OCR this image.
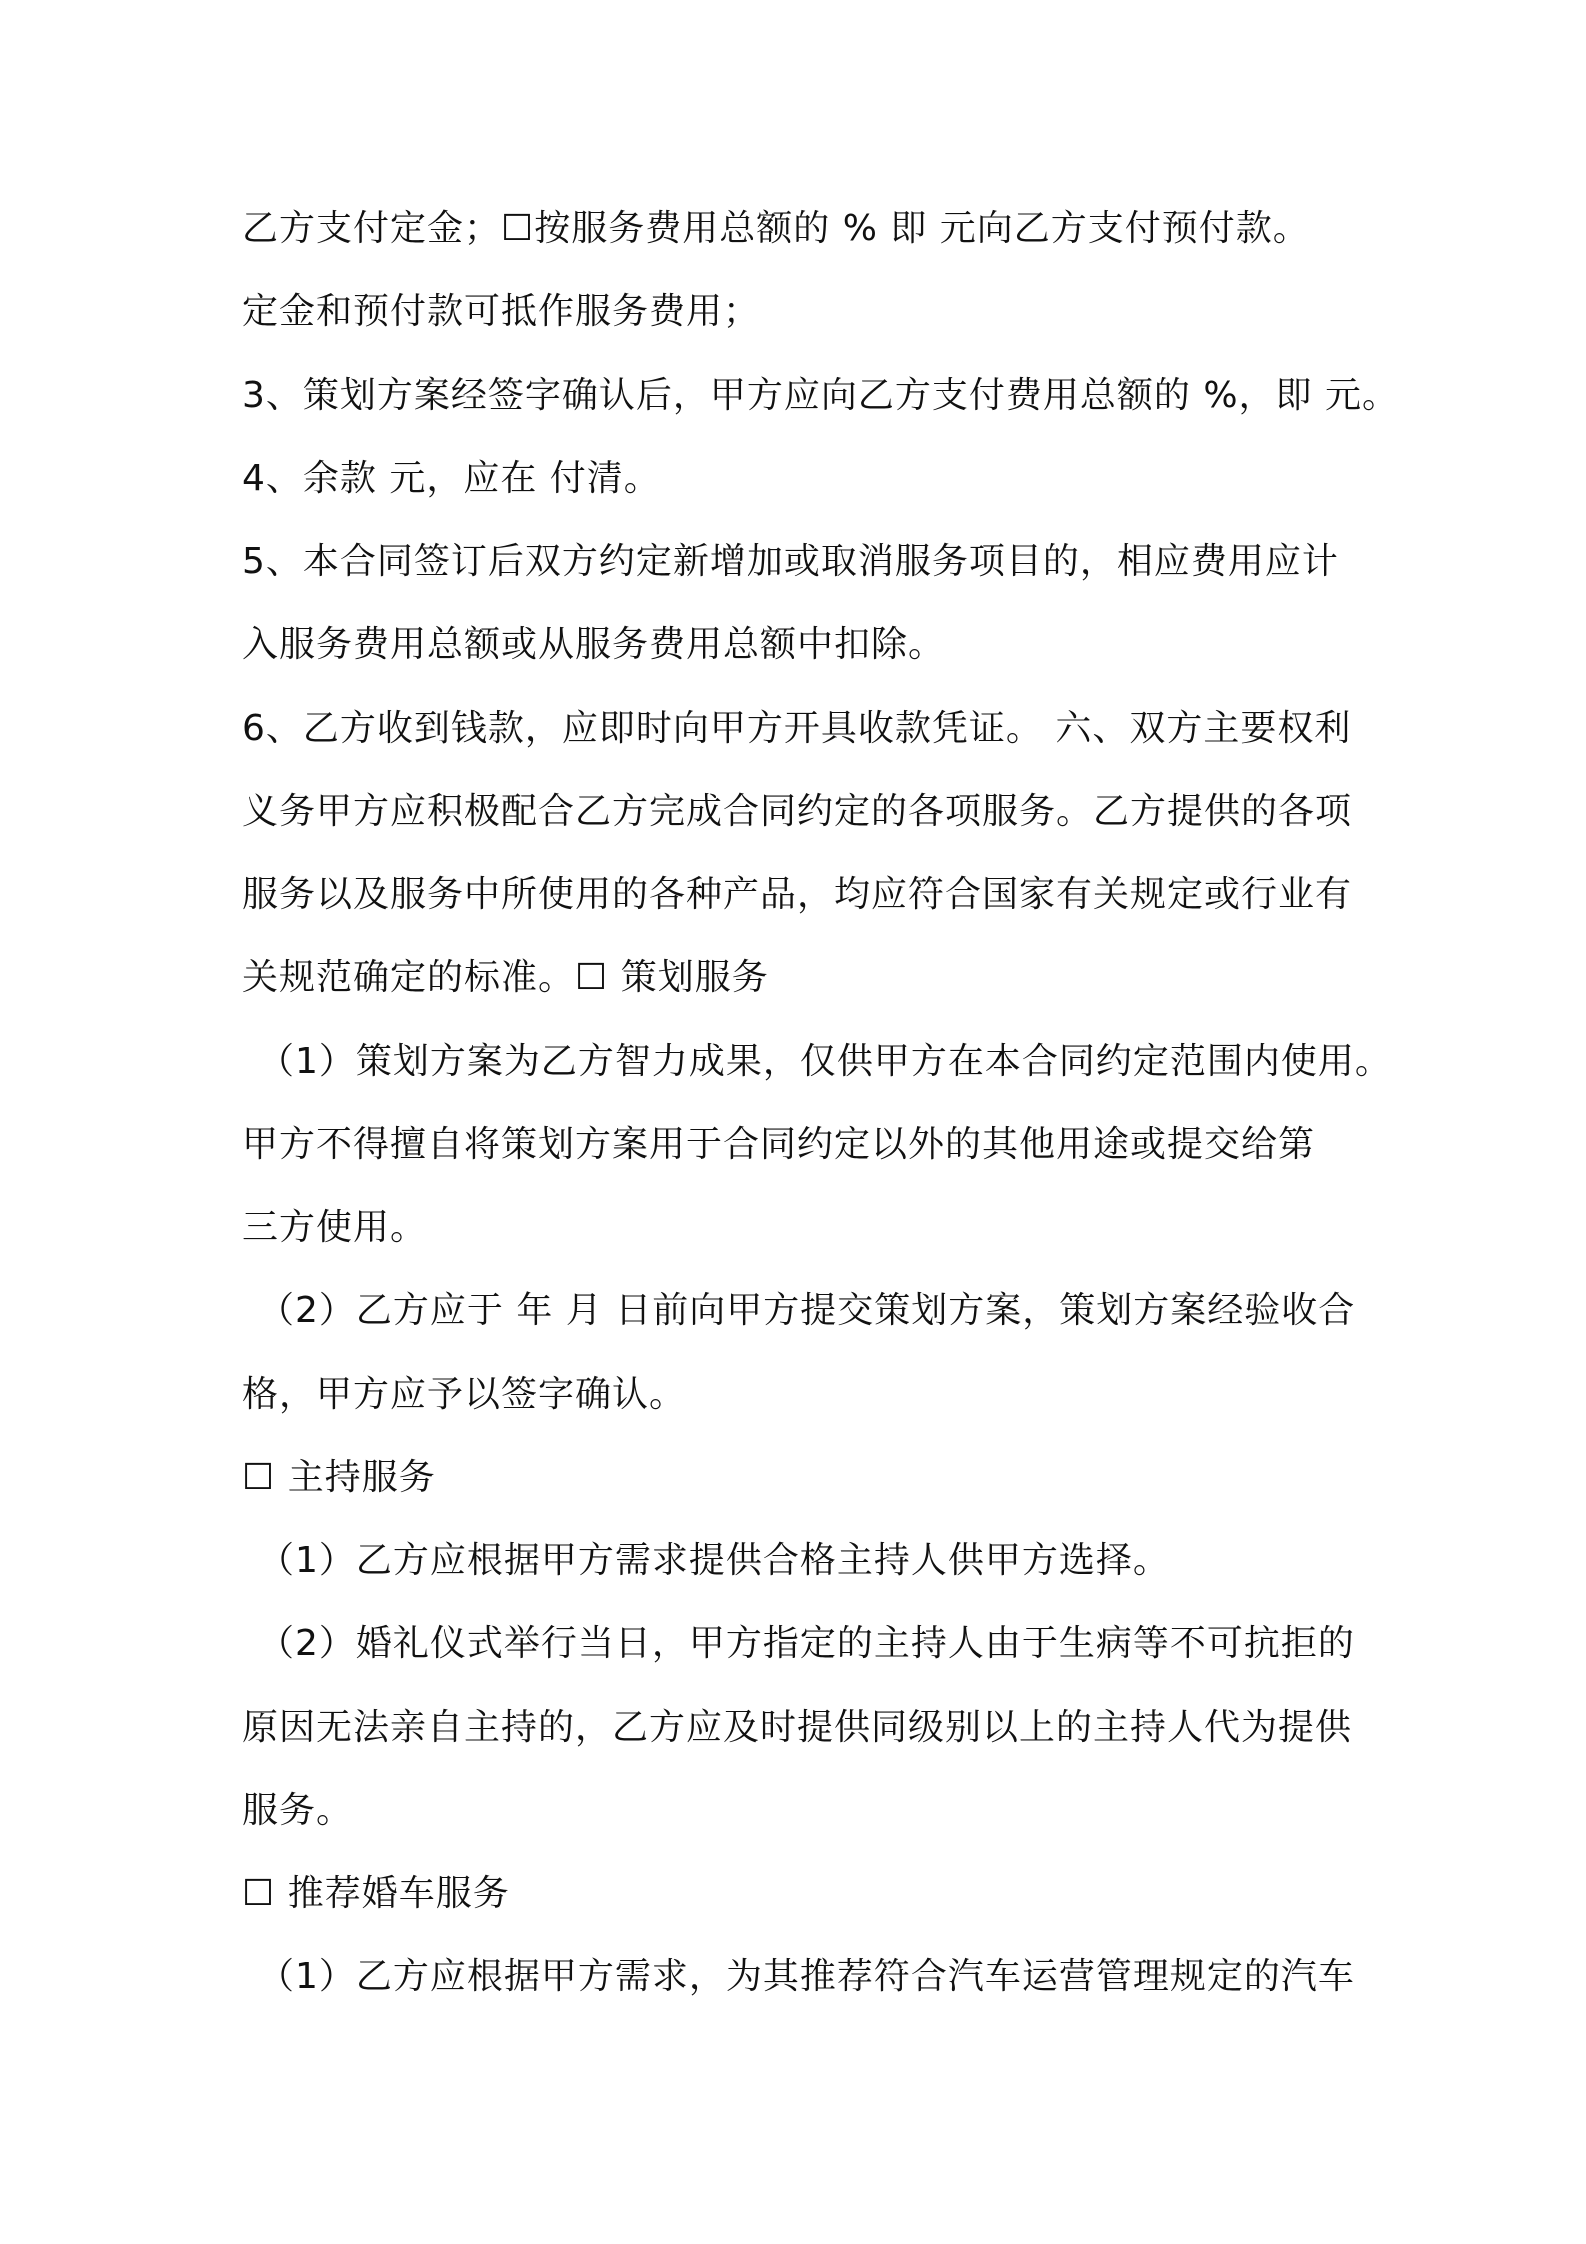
乙方支付定金；☐按服务费用总额的 % 即 元向乙方支付预付款。
定金和预付款可抵作服务费用；
3、策划方案经签字确认后，甲方应向乙方支付费用总额的 %，即 元。
4、余款 元，应在 付清。
5、本合同签订后双方约定新增加或取消服务项目的，相应费用应计
入服务费用总额或从服务费用总额中扣除。
6、乙方收到钱款，应即时向甲方开具收款凭证。 六、双方主要权利
义务甲方应积极配合乙方完成合同约定的各项服务。乙方提供的各项
服务以及服务中所使用的各种产品，均应符合国家有关规定或行业有
关规范确定的标准。☐ 策划服务
（1）策划方案为乙方智力成果，仅供甲方在本合同约定范围内使用。
甲方不得擅自将策划方案用于合同约定以外的其他用途或提交给第
三方使用。
（2）乙方应于 年 月 日前向甲方提交策划方案，策划方案经验收合
格，甲方应予以签字确认。
☐ 主持服务
（1）乙方应根据甲方需求提供合格主持人供甲方选择。
（2）婚礼仪式举行当日，甲方指定的主持人由于生病等不可抗拒的
原因无法亲自主持的，乙方应及时提供同级别以上的主持人代为提供
服务。
☐ 推荐婚车服务
（1）乙方应根据甲方需求，为其推荐符合汽车运营管理规定的汽车
